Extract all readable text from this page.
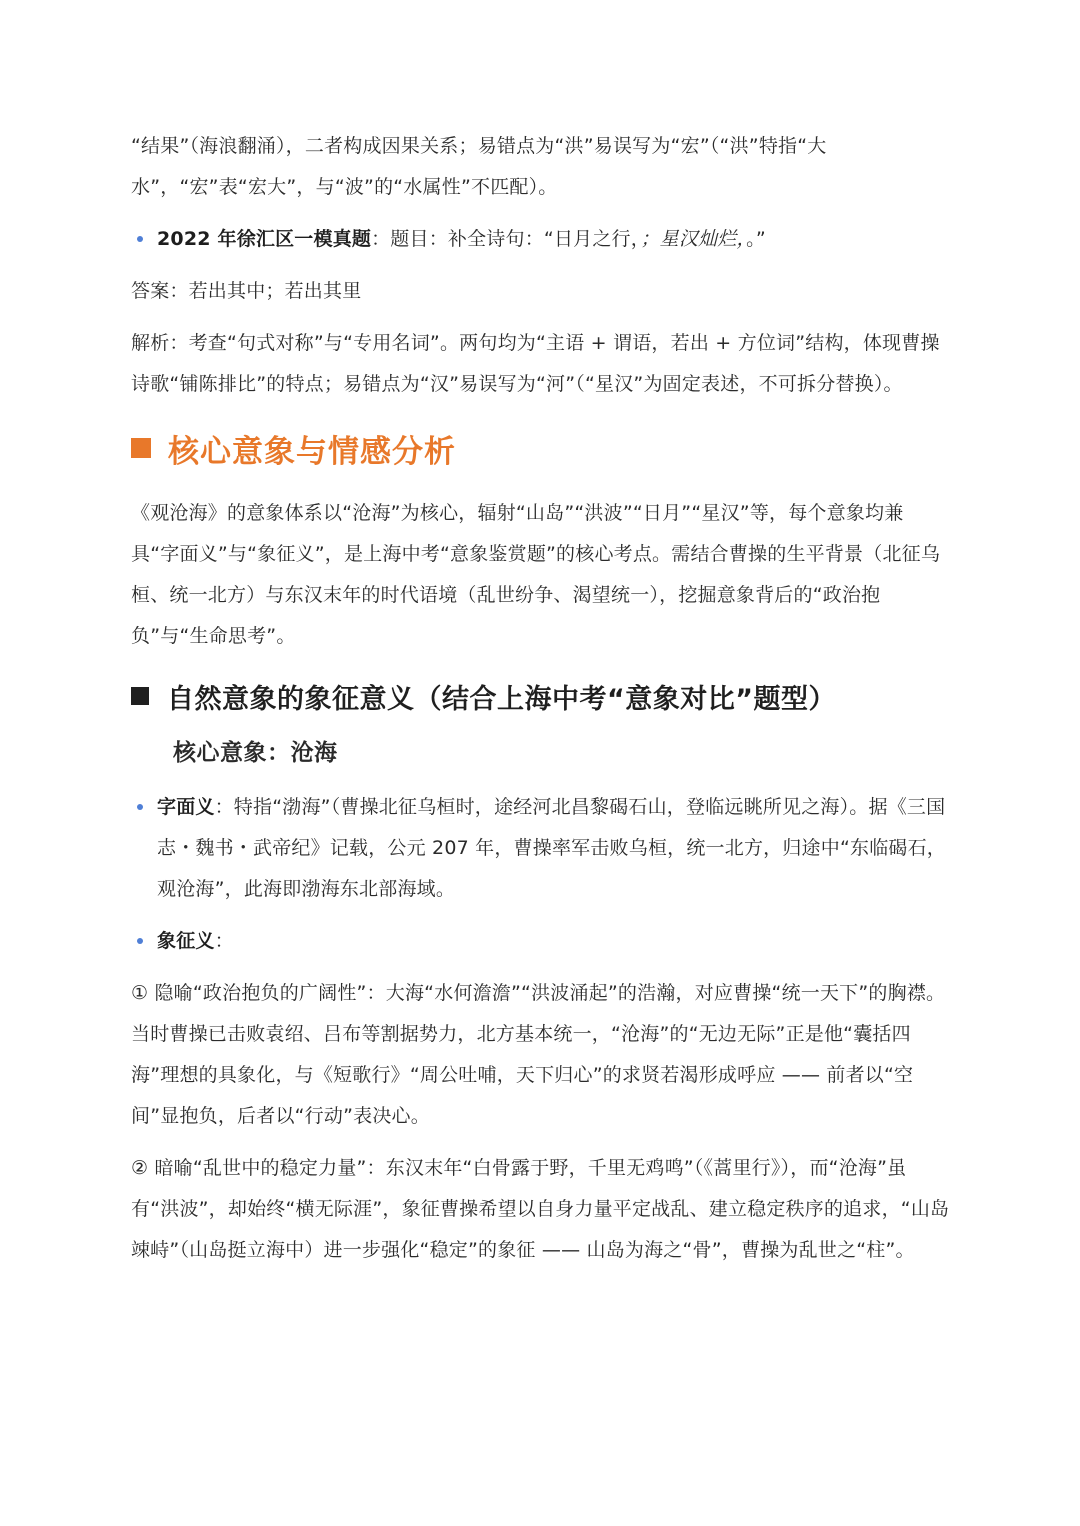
“结果”（海浪翻涌），二者构成因果关系；易错点为“洪”易误写为“宏”（“洪”特指“大水”，“宏”表“宏大”，与“波”的“水属性”不匹配）。

2022 年徐汇区一模真题：题目：补全诗句：“日月之行，；星汉灿烂，。”

答案：若出其中；若出其里

解析：考查“句式对称”与“专用名词”。两句均为“主语 + 谓语，若出 + 方位词”结构，体现曹操诗歌“铺陈排比”的特点；易错点为“汉”易误写为“河”（“星汉”为固定表述，不可拆分替换）。

核心意象与情感分析

《观沧海》的意象体系以“沧海”为核心，辐射“山岛”“洪波”“日月”“星汉”等，每个意象均兼具“字面义”与“象征义”，是上海中考“意象鉴赏题”的核心考点。需结合曹操的生平背景（北征乌桓、统一北方）与东汉末年的时代语境（乱世纷争、渴望统一），挖掘意象背后的“政治抱负”与“生命思考”。

自然意象的象征意义（结合上海中考“意象对比”题型）
核心意象：沧海
字面义：特指“渤海”（曹操北征乌桓时，途经河北昌黎碣石山，登临远眺所见之海）。据《三国志・魏书・武帝纪》记载，公元 207 年，曹操率军击败乌桓，统一北方，归途中“东临碣石，观沧海”，此海即渤海东北部海域。
象征义：

① 隐喻“政治抱负的广阔性”：大海“水何澹澹”“洪波涌起”的浩瀚，对应曹操“统一天下”的胸襟。当时曹操已击败袁绍、吕布等割据势力，北方基本统一，“沧海”的“无边无际”正是他“囊括四海”理想的具象化，与《短歌行》“周公吐哺，天下归心”的求贤若渴形成呼应 —— 前者以“空间”显抱负，后者以“行动”表决心。

② 暗喻“乱世中的稳定力量”：东汉末年“白骨露于野，千里无鸡鸣”（《蒿里行》），而“沧海”虽有“洪波”，却始终“横无际涯”，象征曹操希望以自身力量平定战乱、建立稳定秩序的追求，“山岛竦峙”（山岛挺立海中）进一步强化“稳定”的象征 —— 山岛为海之“骨”，曹操为乱世之“柱”。
